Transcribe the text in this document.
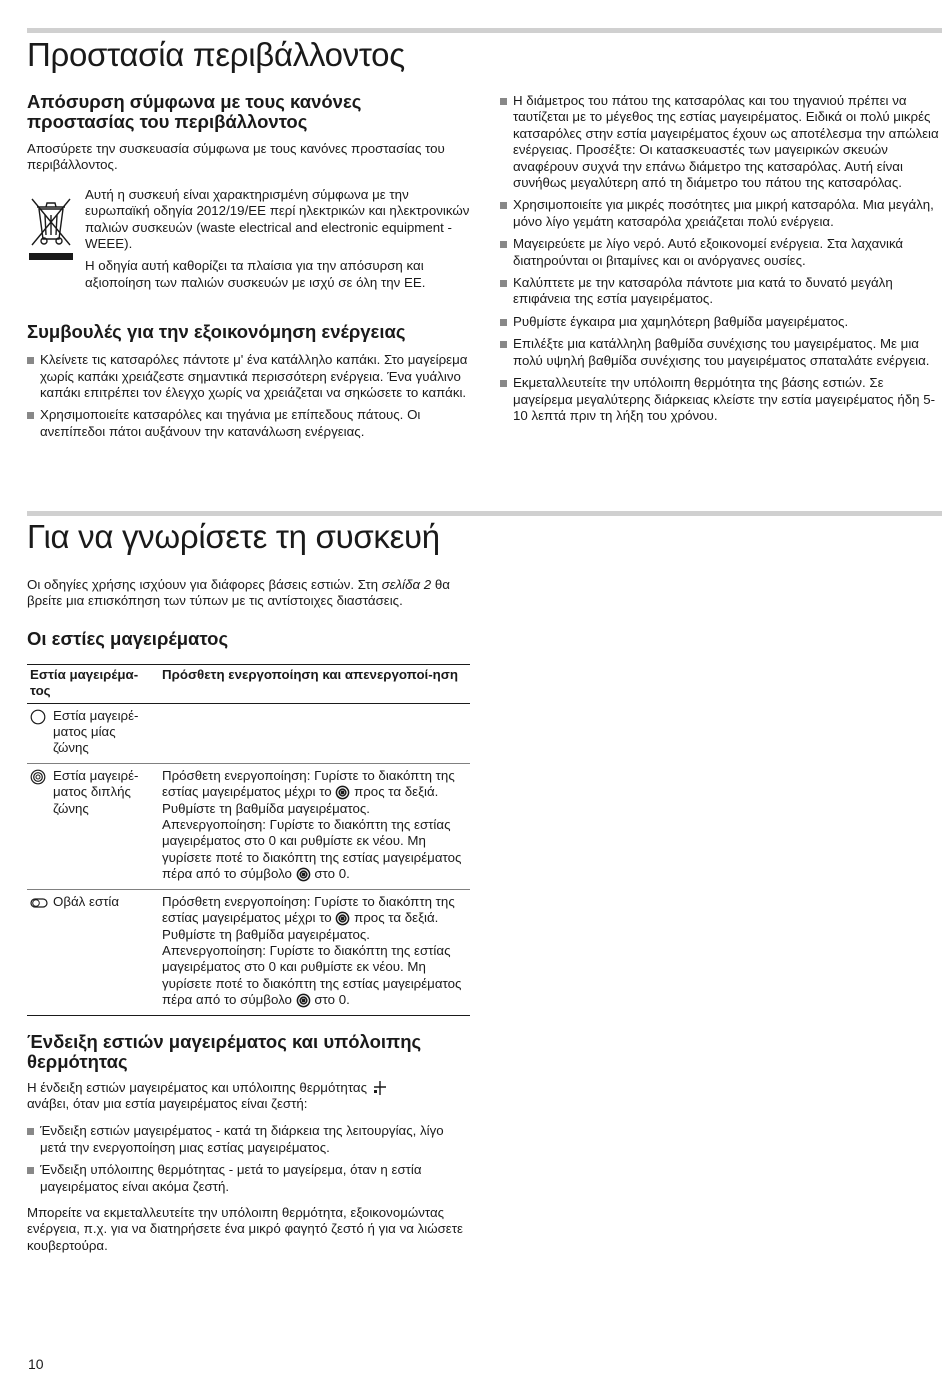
Προστασία περιβάλλοντος
Απόσυρση σύμφωνα με τους κανόνες προστασίας του περιβάλλοντος

Αποσύρετε την συσκευασία σύμφωνα με τους κανόνες προστασίας του περιβάλλοντος.

Αυτή η συσκευή είναι χαρακτηρισμένη σύμφωνα με την ευρωπαϊκή οδηγία 2012/19/ΕΕ περί ηλεκτρικών και ηλεκτρονικών παλιών συσκευών (waste electrical and electronic equipment - WEEE).

Η οδηγία αυτή καθορίζει τα πλαίσια για την απόσυρση και αξιοποίηση των παλιών συσκευών με ισχύ σε όλη την ΕΕ.

Συμβουλές για την εξοικονόμηση ενέργειας
Κλείνετε τις κατσαρόλες πάντοτε μ' ένα κατάλληλο καπάκι. Στο μαγείρεμα χωρίς καπάκι χρειάζεστε σημαντικά περισσότερη ενέργεια. Ένα γυάλινο καπάκι επιτρέπει τον έλεγχο χωρίς να χρειάζεται να σηκώσετε το καπάκι.
Χρησιμοποιείτε κατσαρόλες και τηγάνια με επίπεδους πάτους. Οι ανεπίπεδοι πάτοι αυξάνουν την κατανάλωση ενέργειας.
Η διάμετρος του πάτου της κατσαρόλας και του τηγανιού πρέπει να ταυτίζεται με το μέγεθος της εστίας μαγειρέματος. Ειδικά οι πολύ μικρές κατσαρόλες στην εστία μαγειρέματος έχουν ως αποτέλεσμα την απώλεια ενέργειας. Προσέξτε: Οι κατασκευαστές των μαγειρικών σκευών αναφέρουν συχνά την επάνω διάμετρο της κατσαρόλας. Αυτή είναι συνήθως μεγαλύτερη από τη διάμετρο του πάτου της κατσαρόλας.
Χρησιμοποιείτε για μικρές ποσότητες μια μικρή κατσαρόλα. Μια μεγάλη, μόνο λίγο γεμάτη κατσαρόλα χρειάζεται πολύ ενέργεια.
Μαγειρεύετε με λίγο νερό. Αυτό εξοικονομεί ενέργεια. Στα λαχανικά διατηρούνται οι βιταμίνες και οι ανόργανες ουσίες.
Καλύπτετε με την κατσαρόλα πάντοτε μια κατά το δυνατό μεγάλη επιφάνεια της εστία μαγειρέματος.
Ρυθμίστε έγκαιρα μια χαμηλότερη βαθμίδα μαγειρέματος.
Επιλέξτε μια κατάλληλη βαθμίδα συνέχισης του μαγειρέματος. Με μια πολύ υψηλή βαθμίδα συνέχισης του μαγειρέματος σπαταλάτε ενέργεια.
Εκμεταλλευτείτε την υπόλοιπη θερμότητα της βάσης εστιών. Σε μαγείρεμα μεγαλύτερης διάρκειας κλείστε την εστία μαγειρέματος ήδη 5-10 λεπτά πριν τη λήξη του χρόνου.
Για να γνωρίσετε τη συσκευή

Οι οδηγίες χρήσης ισχύουν για διάφορες βάσεις εστιών. Στη σελίδα 2 θα βρείτε μια επισκόπηση των τύπων με τις αντίστοιχες διαστάσεις.

Οι εστίες μαγειρέματος
Εστία μαγειρέμα-τος	Πρόσθετη ενεργοποίηση και απενεργοποί-ηση

Εστία μαγειρέ-ματος μίας ζώνης	

Εστία μαγειρέ-ματος διπλής ζώνης	Πρόσθετη ενεργοποίηση: Γυρίστε το διακόπτη της εστίας μαγειρέματος μέχρι το προς τα δεξιά. Ρυθμίστε τη βαθμίδα μαγειρέματος.
Απενεργοποίηση: Γυρίστε το διακόπτη της εστίας μαγειρέματος στο 0 και ρυθμίστε εκ νέου. Μη γυρίσετε ποτέ το διακόπτη της εστίας μαγειρέματος πέρα από το σύμβολο στο 0.

Οβάλ εστία	Πρόσθετη ενεργοποίηση: Γυρίστε το διακόπτη της εστίας μαγειρέματος μέχρι το προς τα δεξιά. Ρυθμίστε τη βαθμίδα μαγειρέματος.
Απενεργοποίηση: Γυρίστε το διακόπτη της εστίας μαγειρέματος στο 0 και ρυθμίστε εκ νέου. Μη γυρίσετε ποτέ το διακόπτη της εστίας μαγειρέματος πέρα από το σύμβολο στο 0.
Ένδειξη εστιών μαγειρέματος και υπόλοιπης θερμότητας

Η ένδειξη εστιών μαγειρέματος και υπόλοιπης θερμότητας
ανάβει, όταν μια εστία μαγειρέματος είναι ζεστή:

Ένδειξη εστιών μαγειρέματος - κατά τη διάρκεια της λειτουργίας, λίγο μετά την ενεργοποίηση μιας εστίας μαγειρέματος.
Ένδειξη υπόλοιπης θερμότητας - μετά το μαγείρεμα, όταν η εστία μαγειρέματος είναι ακόμα ζεστή.

Μπορείτε να εκμεταλλευτείτε την υπόλοιπη θερμότητα, εξοικονομώντας ενέργεια, π.χ. για να διατηρήσετε ένα μικρό φαγητό ζεστό ή για να λιώσετε κουβερτούρα.

10
